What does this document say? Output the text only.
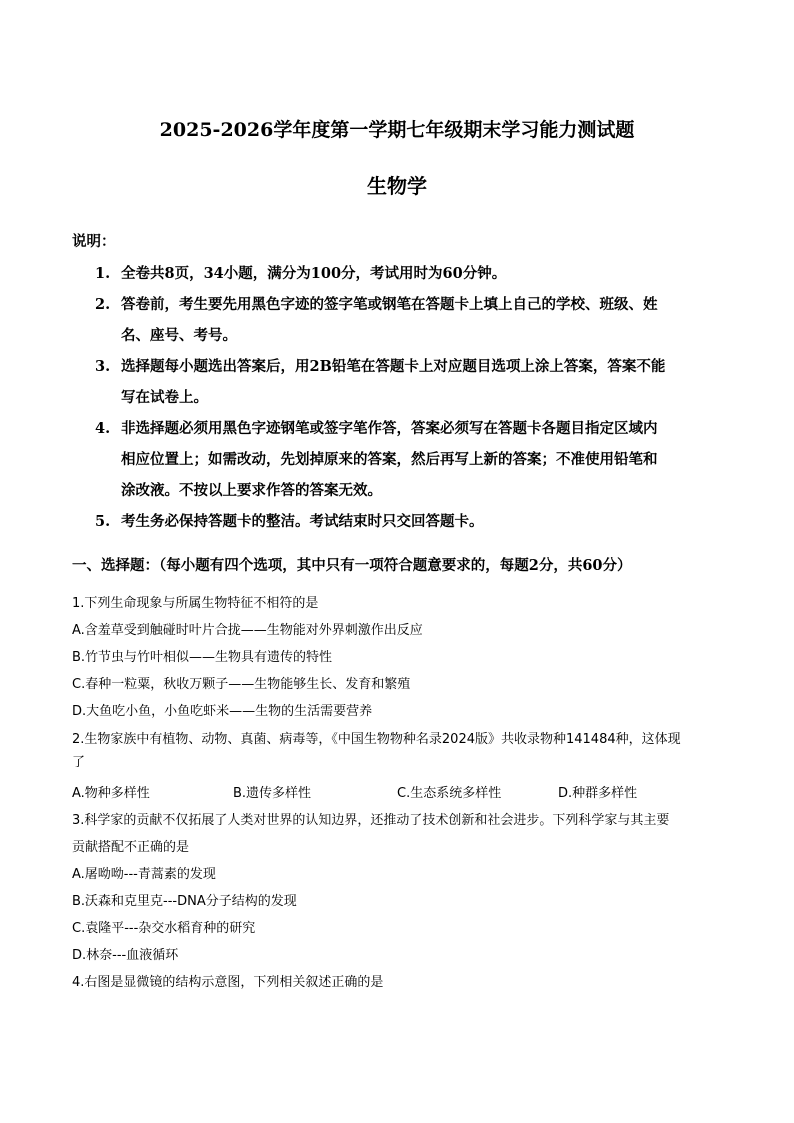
2025-2026学年度第一学期七年级期末学习能力测试题
生物学
说明：
1. 全卷共8页，34小题，满分为100分，考试用时为60分钟。
2. 答卷前，考生要先用黑色字迹的签字笔或钢笔在答题卡上填上自己的学校、班级、姓
名、座号、考号。
3. 选择题每小题选出答案后，用2B铅笔在答题卡上对应题目选项上涂上答案，答案不能
写在试卷上。
4. 非选择题必须用黑色字迹钢笔或签字笔作答，答案必须写在答题卡各题目指定区域内
相应位置上；如需改动，先划掉原来的答案，然后再写上新的答案；不准使用铅笔和
涂改液。不按以上要求作答的答案无效。
5. 考生务必保持答题卡的整洁。考试结束时只交回答题卡。
一、选择题：（每小题有四个选项，其中只有一项符合题意要求的，每题2分，共60分）
1.下列生命现象与所属生物特征不相符的是
A.含羞草受到触碰时叶片合拢——生物能对外界刺激作出反应
B.竹节虫与竹叶相似——生物具有遗传的特性
C.春种一粒粟，秋收万颗子——生物能够生长、发育和繁殖
D.大鱼吃小鱼，小鱼吃虾米——生物的生活需要营养
2.生物家族中有植物、动物、真菌、病毒等，《中国生物物种名录2024版》共收录物种141484种，这体现
了
A.物种多样性	B.遗传多样性	C.生态系统多样性	D.种群多样性
3.科学家的贡献不仅拓展了人类对世界的认知边界，还推动了技术创新和社会进步。下列科学家与其主要
贡献搭配不正确的是
A.屠呦呦---青蒿素的发现
B.沃森和克里克---DNA分子结构的发现
C.袁隆平---杂交水稻育种的研究
D.林奈---血液循环
4.右图是显微镜的结构示意图，下列相关叙述正确的是
